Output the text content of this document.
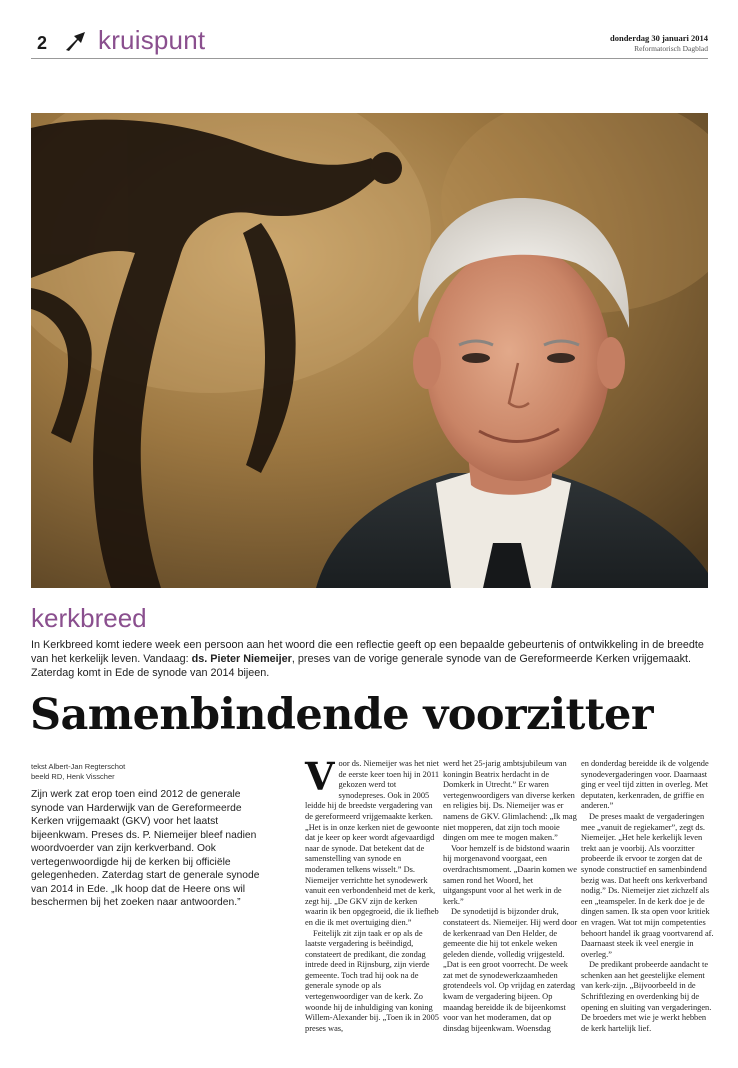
2 kruispunt	donderdag 30 januari 2014
Reformatorisch Dagblad
kerkbreed
In Kerkbreed komt iedere week een persoon aan het woord die een reflectie geeft op een bepaalde gebeurtenis of ontwikkeling in de breedte van het kerkelijk leven. Vandaag: ds. Pieter Niemeijer, preses van de vorige generale synode van de Gereformeerde Kerken vrijgemaakt. Zaterdag komt in Ede de synode van 2014 bijeen.
Samenbindende voorzitter
tekst Albert-Jan Regterschot
beeld RD, Henk Visscher
Zijn werk zat erop toen eind 2012 de generale synode van Harderwijk van de Gereformeerde Kerken vrijgemaakt (GKV) voor het laatst bijeenkwam. Preses ds. P. Niemeijer bleef nadien woordvoerder van zijn kerkverband. Ook vertegenwoordigde hij de kerken bij officiële gelegenheden. Zaterdag start de generale synode van 2014 in Ede. „Ik hoop dat de Heere ons wil beschermen bij het zoeken naar antwoorden.”

Voor ds. Niemeijer was het niet de eerste keer toen hij in 2011 gekozen werd tot synodepreses. Ook in 2005 leidde hij de breedste vergadering van de gereformeerd vrijgemaakte kerken. „Het is in onze kerken niet de gewoonte dat je keer op keer wordt afgevaardigd naar de synode. Dat betekent dat de samenstelling van synode en moderamen telkens wisselt.” Ds. Niemeijer verrichtte het synodewerk vanuit een verbondenheid met de kerk, zegt hij. „De GKV zijn de kerken waarin ik ben opgegroeid, die ik liefheb en die ik met overtuiging dien.”

Feitelijk zit zijn taak er op als de laatste vergadering is beëindigd, constateert de predikant, die zondag intrede deed in Rijnsburg, zijn vierde gemeente. Toch trad hij ook na de generale synode op als vertegenwoordiger van de kerk. Zo woonde hij de inhuldiging van koning Willem-Alexander bij. „Toen ik in 2005 preses was,

werd het 25-jarig ambtsjubileum van koningin Beatrix herdacht in de Domkerk in Utrecht.” Er waren vertegenwoordigers van diverse kerken en religies bij. Ds. Niemeijer was er namens de GKV. Glimlachend: „Ik mag niet mopperen, dat zijn toch mooie dingen om mee te mogen maken.”

Voor hemzelf is de bidstond waarin hij morgenavond voorgaat, een overdrachtsmoment. „Daarin komen we samen rond het Woord, het uitgangspunt voor al het werk in de kerk.”

De synodetijd is bijzonder druk, constateert ds. Niemeijer. Hij werd door de kerkenraad van Den Helder, de gemeente die hij tot enkele weken geleden diende, volledig vrijgesteld. „Dat is een groot voorrecht. De week zat met de synodewerkzaamheden grotendeels vol. Op vrijdag en zaterdag kwam de vergadering bijeen. Op maandag bereidde ik de bijeenkomst voor van het moderamen, dat op dinsdag bijeenkwam. Woensdag

en donderdag bereidde ik de volgende synodevergaderingen voor. Daarnaast ging er veel tijd zitten in overleg. Met deputaten, kerkenraden, de griffie en anderen.”

De preses maakt de vergaderingen mee „vanuit de regiekamer”, zegt ds. Niemeijer. „Het hele kerkelijk leven trekt aan je voorbij. Als voorzitter probeerde ik ervoor te zorgen dat de synode constructief en samenbindend bezig was. Dat heeft ons kerkverband nodig.” Ds. Niemeijer ziet zichzelf als een „teamspeler. In de kerk doe je de dingen samen. Ik sta open voor kritiek en vragen. Wat tot mijn competenties behoort handel ik graag voortvarend af. Daarnaast steek ik veel energie in overleg.”

De predikant probeerde aandacht te schenken aan het geestelijke element van kerk-zijn. „Bijvoorbeeld in de Schriftlezing en overdenking bij de opening en sluiting van vergaderingen. De broeders met wie je werkt hebben de kerk hartelijk lief.
